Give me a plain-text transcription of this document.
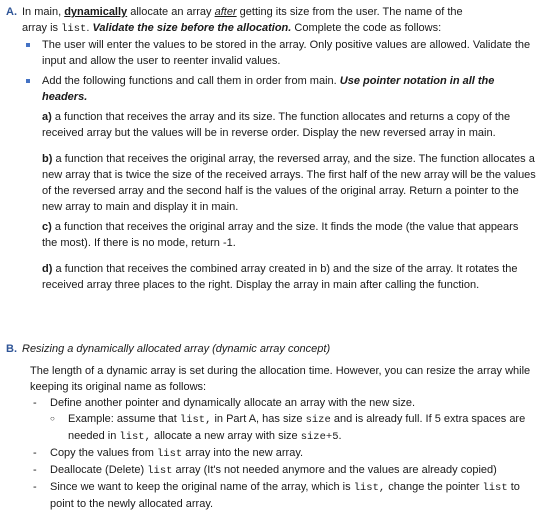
A. In main, dynamically allocate an array after getting its size from the user. The name of the
array is list. Validate the size before the allocation. Complete the code as follows:
The user will enter the values to be stored in the array. Only positive values are allowed. Validate the input and allow the user to reenter invalid values.
Add the following functions and call them in order from main. Use pointer notation in all the headers.
a) a function that receives the array and its size. The function allocates and returns a copy of the received array but the values will be in reverse order. Display the new reversed array in main.
b) a function that receives the original array, the reversed array, and the size. The function allocates a new array that is twice the size of the received arrays. The first half of the new array will be the values of the reversed array and the second half is the values of the original array. Return a pointer to the new array to main and display it in main.
c) a function that receives the original array and the size. It finds the mode (the value that appears the most). If there is no mode, return -1.
d) a function that receives the combined array created in b) and the size of the array. It rotates the received array three places to the right. Display the array in main after calling the function.
B. Resizing a dynamically allocated array (dynamic array concept)
The length of a dynamic array is set during the allocation time. However, you can resize the array while keeping its original name as follows:
- Define another pointer and dynamically allocate an array with the new size.
○ Example: assume that list, in Part A, has size size and is already full. If 5 extra spaces are needed in list, allocate a new array with size size+5.
- Copy the values from list array into the new array.
- Deallocate (Delete) list array (It's not needed anymore and the values are already copied)
- Since we want to keep the original name of the array, which is list, change the pointer list to point to the newly allocated array.
